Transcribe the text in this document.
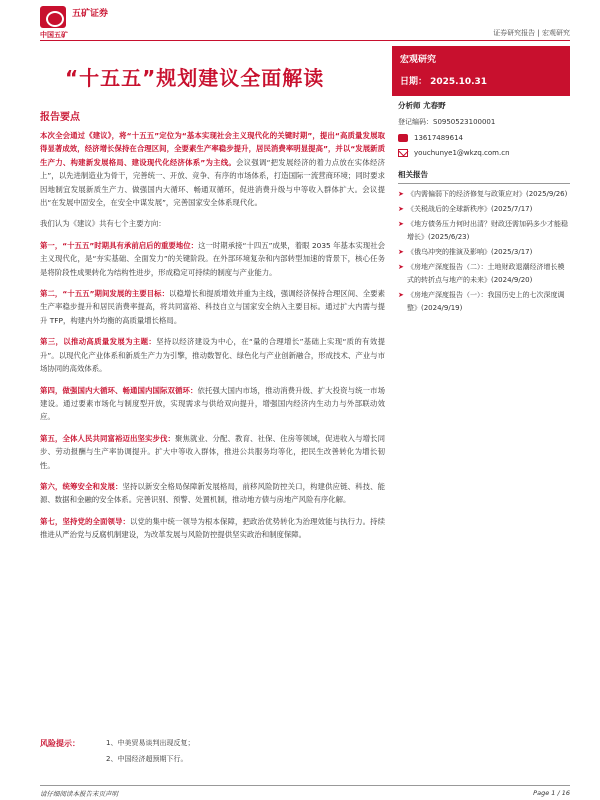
五矿证券
中国五矿	证券研究报告 | 宏观研究
“十五五”规划建议全面解读
宏观研究
日期： 2025.10.31
报告要点

本次全会通过《建议》，将“十五五”定位为“基本实现社会主义现代化的关键时期”，提出“高质量发展取得显著成效，经济增长保持在合理区间，全要素生产率稳步提升，居民消费率明显提高”，并以“发展新质生产力、构建新发展格局、建设现代化经济体系”为主线。会议强调“把发展经济的着力点放在实体经济上”，以先进制造业为骨干，完善统一、开放、竞争、有序的市场体系，打造国际一流营商环境；同时要求因地制宜发展新质生产力、做强国内大循环、畅通双循环，促进消费升级与中等收入群体扩大。会议提出“在发展中固安全，在安全中谋发展”，完善国家安全体系现代化。

我们认为《建议》共有七个主要方向：

第一，“十五五”时期具有承前启后的重要地位：这一时期承接“十四五”成果，着眼 2035 年基本实现社会主义现代化，是“夯实基础、全面发力”的关键阶段。在外部环境复杂和内部转型加速的背景下，核心任务是将阶段性成果转化为结构性进步，形成稳定可持续的制度与产业能力。

第二，“十五五”期间发展的主要目标：以稳增长和提质增效并重为主线，强调经济保持合理区间、全要素生产率稳步提升和居民消费率提高，将共同富裕、科技自立与国家安全纳入主要目标。通过扩大内需与提升 TFP，构建内外均衡的高质量增长格局。

第三，以推动高质量发展为主题：坚持以经济建设为中心，在“量的合理增长”基础上实现“质的有效提升”。以现代化产业体系和新质生产力为引擎，推动数智化、绿色化与产业创新融合，形成技术、产业与市场协同的高效体系。

第四，做强国内大循环、畅通国内国际双循环：依托强大国内市场，推动消费升级、扩大投资与统一市场建设。通过要素市场化与制度型开放，实现需求与供给双向提升，增强国内经济内生动力与外部联动效应。

第五，全体人民共同富裕迈出坚实步伐：聚焦就业、分配、教育、社保、住房等领域，促进收入与增长同步、劳动报酬与生产率协调提升。扩大中等收入群体，推进公共服务均等化，把民生改善转化为增长韧性。

第六，统筹安全和发展：坚持以新安全格局保障新发展格局，前移风险防控关口，构建供应链、科技、能源、数据和金融的安全体系。完善识别、预警、处置机制，推动地方债与房地产风险有序化解。

第七，坚持党的全面领导：以党的集中统一领导为根本保障，把政治优势转化为治理效能与执行力。持续推进从严治党与反腐机制建设，为改革发展与风险防控提供坚实政治和制度保障。

分析师 尤春野
登记编码：S0950523100001
13617489614
youchunye1@wkzq.com.cn
相关报告
➤ 《内需偏弱下的经济修复与政策应对》(2025/9/26)
➤ 《关税战后的全球新秩序》(2025/7/17)
➤ 《地方债务压力何时出清？财政还需加码多少才能稳增长》(2025/6/23)
➤ 《俄乌冲突的推演及影响》(2025/3/17)
➤ 《房地产深度报告（二）：土地财政退潮经济增长模式的转折点与地产的未来》(2024/9/20)
➤ 《房地产深度报告（一）：我国历史上的七次深度调整》(2024/9/19)
风险提示：	1、中美贸易谈判出现反复；
2、中国经济超预期下行。
请仔细阅读本报告末页声明	Page 1 / 16
